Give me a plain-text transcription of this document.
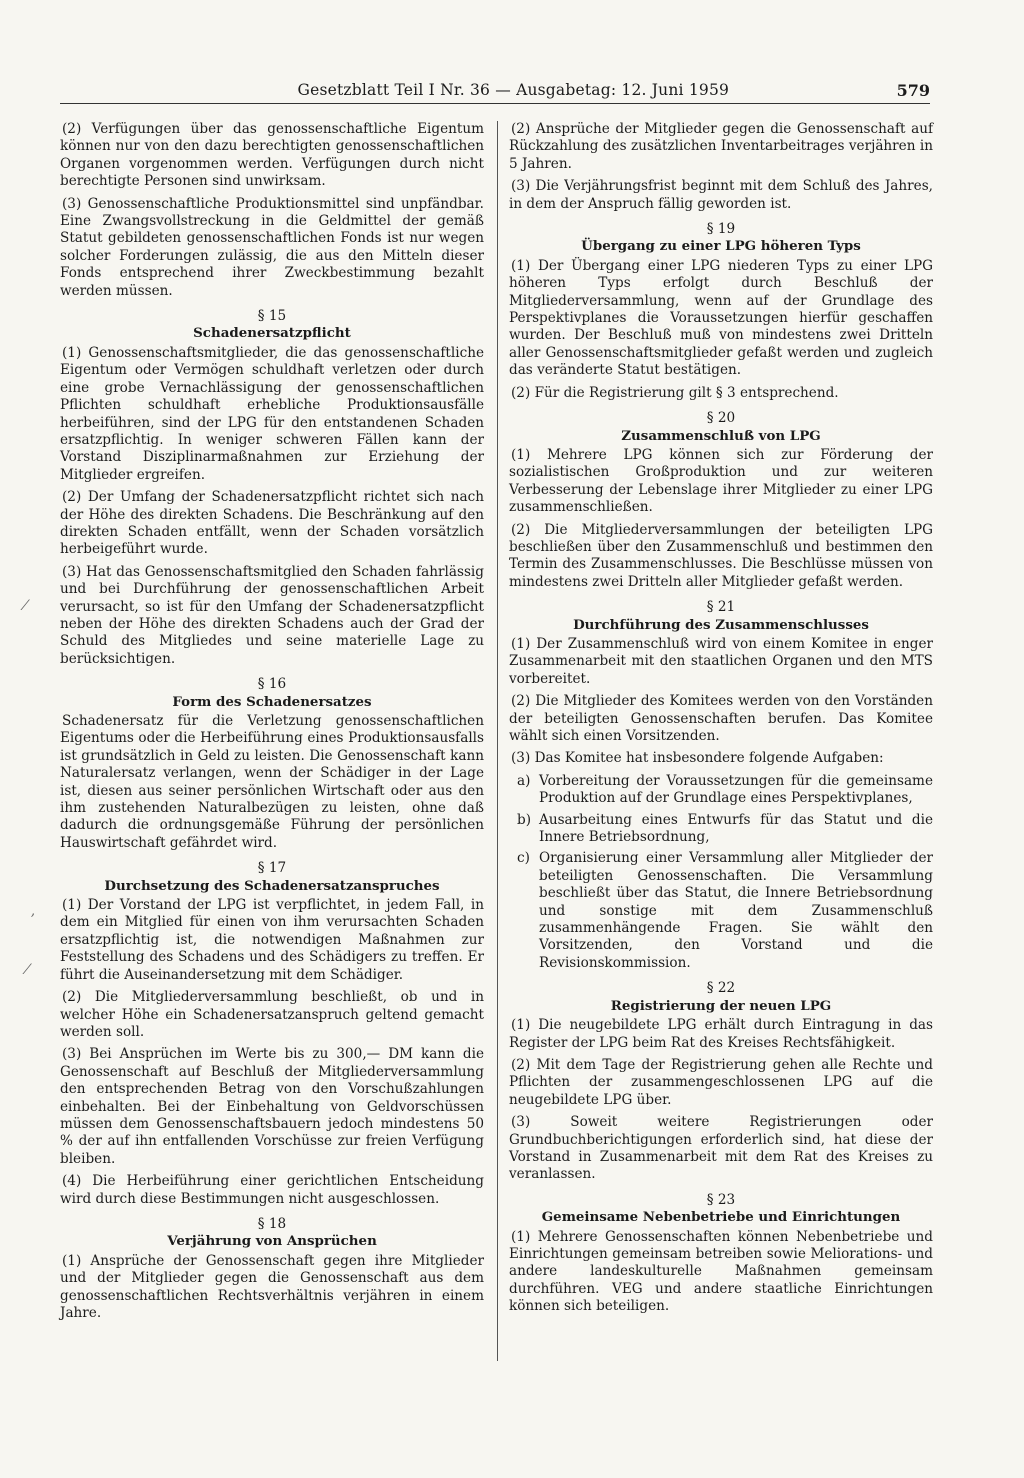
Gesetzblatt Teil I Nr. 36 — Ausgabetag: 12. Juni 1959	579
⁄
ʼ
⁄

(2) Verfügungen über das genossenschaftliche Eigentum können nur von den dazu berechtigten genossenschaftlichen Organen vorgenommen werden. Verfügungen durch nicht berechtigte Personen sind unwirksam.

(3) Genossenschaftliche Produktionsmittel sind unpfändbar. Eine Zwangsvollstreckung in die Geldmittel der gemäß Statut gebildeten genossenschaftlichen Fonds ist nur wegen solcher Forderungen zulässig, die aus den Mitteln dieser Fonds entsprechend ihrer Zweckbestimmung bezahlt werden müssen.

§ 15

Schadenersatzpflicht

(1) Genossenschaftsmitglieder, die das genossenschaftliche Eigentum oder Vermögen schuldhaft verletzen oder durch eine grobe Vernachlässigung der genossenschaftlichen Pflichten schuldhaft erhebliche Produktionsausfälle herbeiführen, sind der LPG für den entstandenen Schaden ersatzpflichtig. In weniger schweren Fällen kann der Vorstand Disziplinarmaßnahmen zur Erziehung der Mitglieder ergreifen.

(2) Der Umfang der Schadenersatzpflicht richtet sich nach der Höhe des direkten Schadens. Die Beschränkung auf den direkten Schaden entfällt, wenn der Schaden vorsätzlich herbeigeführt wurde.

(3) Hat das Genossenschaftsmitglied den Schaden fahrlässig und bei Durchführung der genossenschaftlichen Arbeit verursacht, so ist für den Umfang der Schadenersatzpflicht neben der Höhe des direkten Schadens auch der Grad der Schuld des Mitgliedes und seine materielle Lage zu berücksichtigen.

§ 16

Form des Schadenersatzes

Schadenersatz für die Verletzung genossenschaftlichen Eigentums oder die Herbeiführung eines Produktionsausfalls ist grundsätzlich in Geld zu leisten. Die Genossenschaft kann Naturalersatz verlangen, wenn der Schädiger in der Lage ist, diesen aus seiner persönlichen Wirtschaft oder aus den ihm zustehenden Naturalbezügen zu leisten, ohne daß dadurch die ordnungsgemäße Führung der persönlichen Hauswirtschaft gefährdet wird.

§ 17

Durchsetzung des Schadenersatzanspruches

(1) Der Vorstand der LPG ist verpflichtet, in jedem Fall, in dem ein Mitglied für einen von ihm verursachten Schaden ersatzpflichtig ist, die notwendigen Maßnahmen zur Feststellung des Schadens und des Schädigers zu treffen. Er führt die Auseinandersetzung mit dem Schädiger.

(2) Die Mitgliederversammlung beschließt, ob und in welcher Höhe ein Schadenersatzanspruch geltend gemacht werden soll.

(3) Bei Ansprüchen im Werte bis zu 300,— DM kann die Genossenschaft auf Beschluß der Mitgliederversammlung den entsprechenden Betrag von den Vorschußzahlungen einbehalten. Bei der Einbehaltung von Geldvorschüssen müssen dem Genossenschaftsbauern jedoch mindestens 50 % der auf ihn entfallenden Vorschüsse zur freien Verfügung bleiben.

(4) Die Herbeiführung einer gerichtlichen Entscheidung wird durch diese Bestimmungen nicht ausgeschlossen.

§ 18

Verjährung von Ansprüchen

(1) Ansprüche der Genossenschaft gegen ihre Mitglieder und der Mitglieder gegen die Genossenschaft aus dem genossenschaftlichen Rechtsverhältnis verjähren in einem Jahre.

(2) Ansprüche der Mitglieder gegen die Genossenschaft auf Rückzahlung des zusätzlichen Inventarbeitrages verjähren in 5 Jahren.

(3) Die Verjährungsfrist beginnt mit dem Schluß des Jahres, in dem der Anspruch fällig geworden ist.

§ 19

Übergang zu einer LPG höheren Typs

(1) Der Übergang einer LPG niederen Typs zu einer LPG höheren Typs erfolgt durch Beschluß der Mitgliederversammlung, wenn auf der Grundlage des Perspektivplanes die Voraussetzungen hierfür geschaffen wurden. Der Beschluß muß von mindestens zwei Dritteln aller Genossenschaftsmitglieder gefaßt werden und zugleich das veränderte Statut bestätigen.

(2) Für die Registrierung gilt § 3 entsprechend.

§ 20

Zusammenschluß von LPG

(1) Mehrere LPG können sich zur Förderung der sozialistischen Großproduktion und zur weiteren Verbesserung der Lebenslage ihrer Mitglieder zu einer LPG zusammenschließen.

(2) Die Mitgliederversammlungen der beteiligten LPG beschließen über den Zusammenschluß und bestimmen den Termin des Zusammenschlusses. Die Beschlüsse müssen von mindestens zwei Dritteln aller Mitglieder gefaßt werden.

§ 21

Durchführung des Zusammenschlusses

(1) Der Zusammenschluß wird von einem Komitee in enger Zusammenarbeit mit den staatlichen Organen und den MTS vorbereitet.

(2) Die Mitglieder des Komitees werden von den Vorständen der beteiligten Genossenschaften berufen. Das Komitee wählt sich einen Vorsitzenden.

(3) Das Komitee hat insbesondere folgende Aufgaben:

a) Vorbereitung der Voraussetzungen für die gemeinsame Produktion auf der Grundlage eines Perspektivplanes,
b) Ausarbeitung eines Entwurfs für das Statut und die Innere Betriebsordnung,
c) Organisierung einer Versammlung aller Mitglieder der beteiligten Genossenschaften. Die Versammlung beschließt über das Statut, die Innere Betriebsordnung und sonstige mit dem Zusammenschluß zusammenhängende Fragen. Sie wählt den Vorsitzenden, den Vorstand und die Revisionskommission.

§ 22

Registrierung der neuen LPG

(1) Die neugebildete LPG erhält durch Eintragung in das Register der LPG beim Rat des Kreises Rechtsfähigkeit.

(2) Mit dem Tage der Registrierung gehen alle Rechte und Pflichten der zusammengeschlossenen LPG auf die neugebildete LPG über.

(3) Soweit weitere Registrierungen oder Grundbuchberichtigungen erforderlich sind, hat diese der Vorstand in Zusammenarbeit mit dem Rat des Kreises zu veranlassen.

§ 23

Gemeinsame Nebenbetriebe und Einrichtungen

(1) Mehrere Genossenschaften können Nebenbetriebe und Einrichtungen gemeinsam betreiben sowie Meliorations- und andere landeskulturelle Maßnahmen gemeinsam durchführen. VEG und andere staatliche Einrichtungen können sich beteiligen.
